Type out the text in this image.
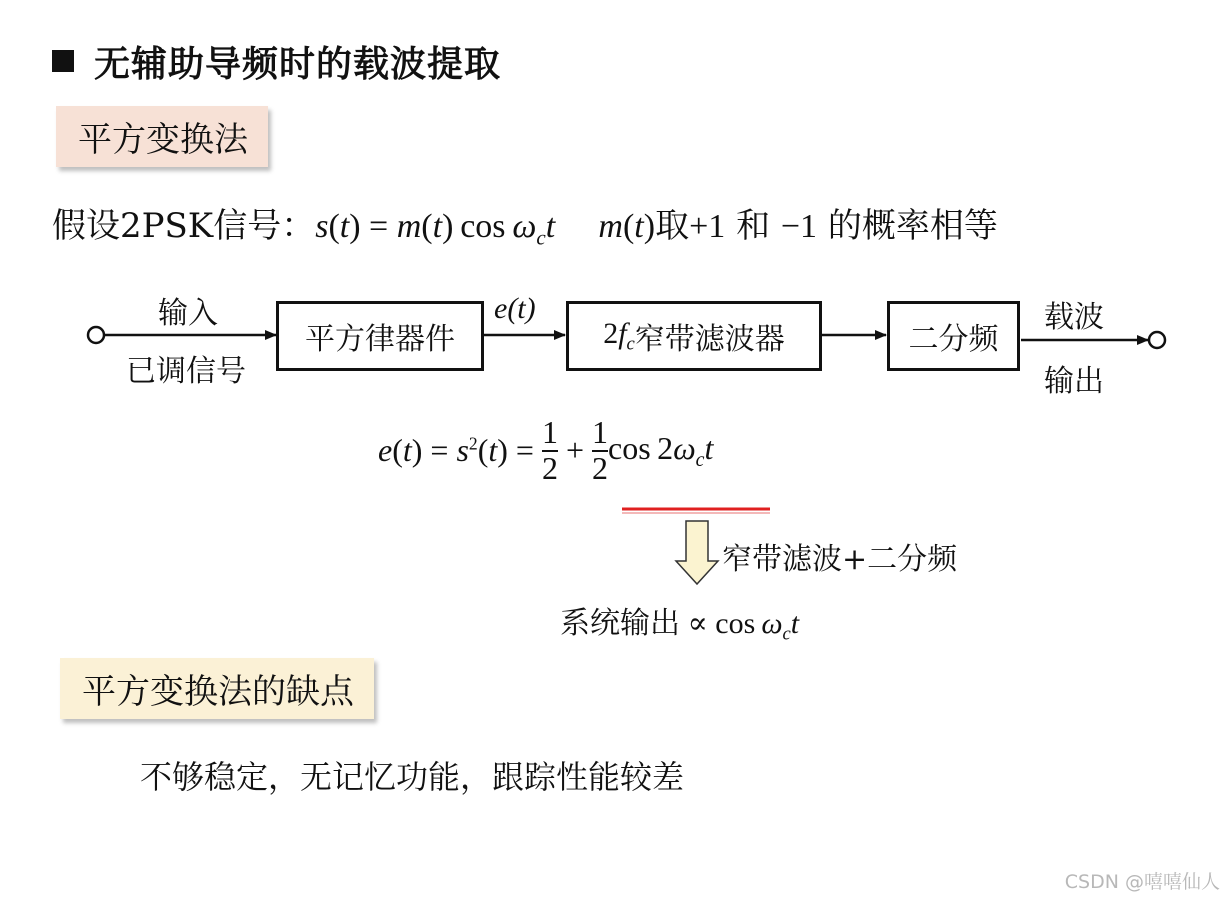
无辅助导频时的载波提取
平方变换法
假设2PSK信号：s(t) = m(t) $\cos \omega_ct$ m(t)取+1 和 −1 的概率相等
输入
已调信号
平方律器件
e(t)
$2f_c$ 窄带滤波器	二分频
载波
输出
$e(t) = s^2(t) = \frac{1}{2} + \frac{1}{2}$ $\cos 2\omega_ct$
窄带滤波+二分频
系统输出 ∝ $\cos \omega_ct$
平方变换法的缺点
不够稳定，无记忆功能，跟踪性能较差
CSDN @嘻嘻仙人
